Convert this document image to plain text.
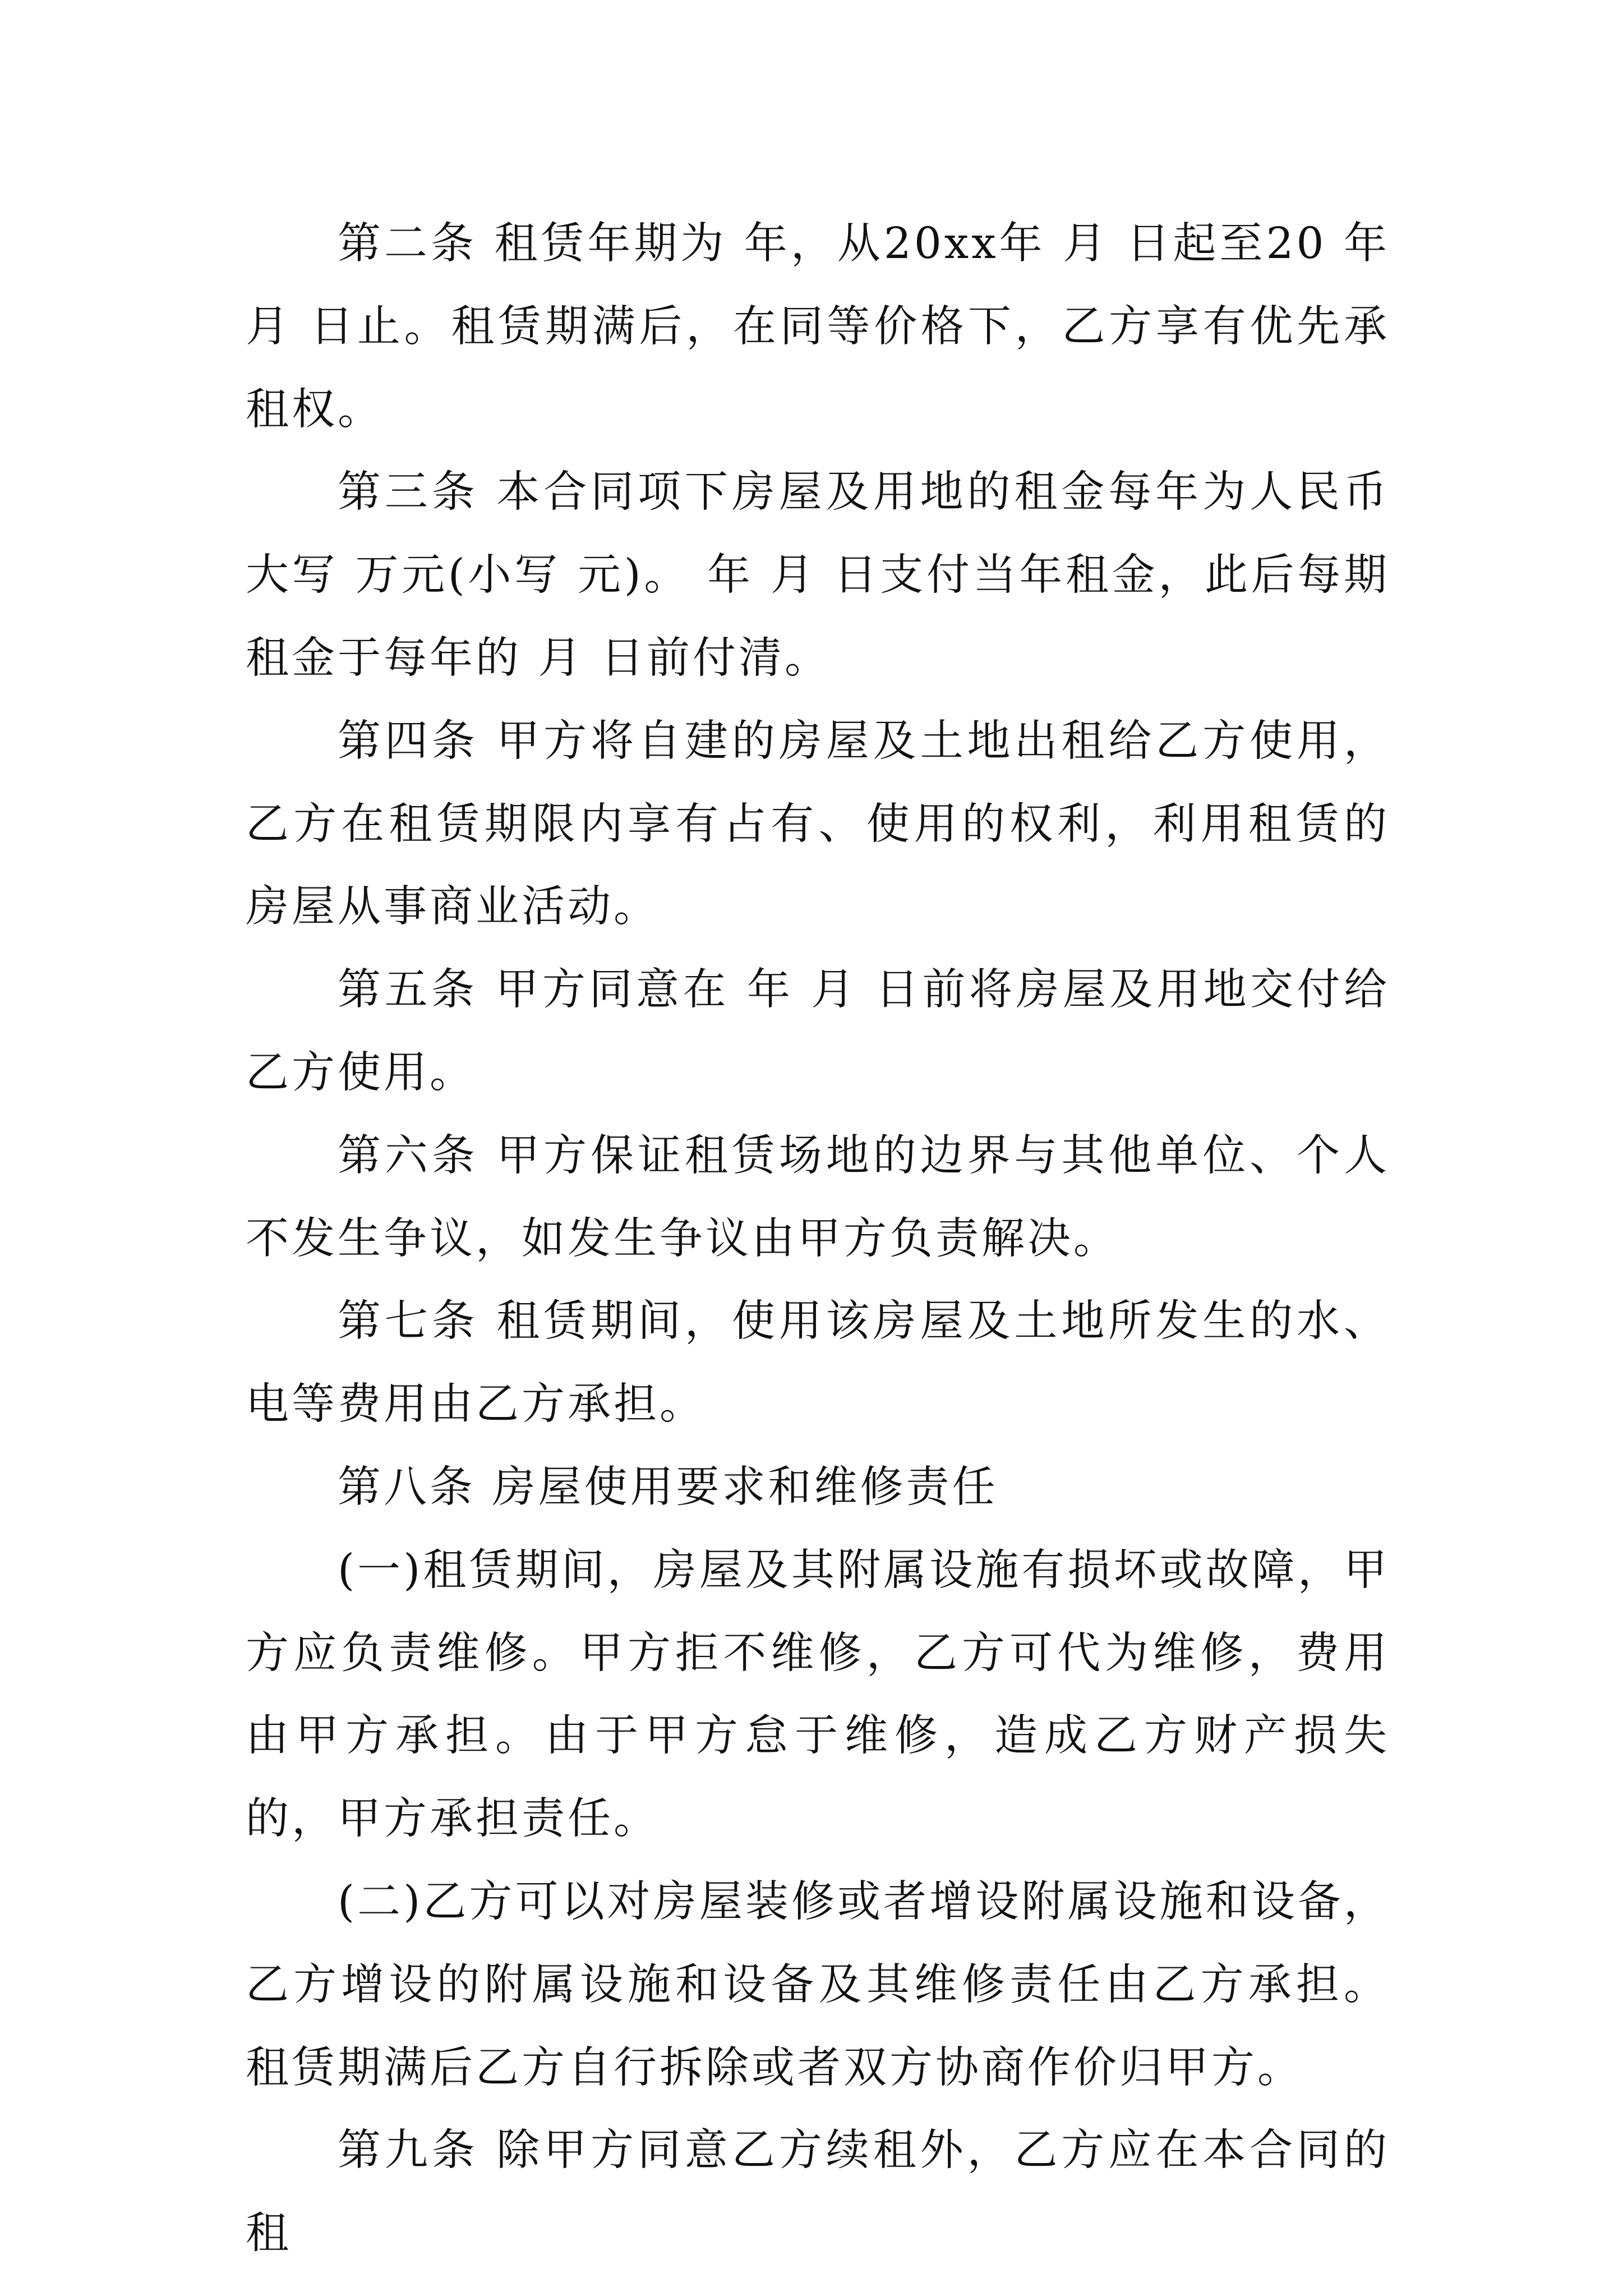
第二条 租赁年期为 年，从20xx年 月 日起至20 年 月 日止。租赁期满后，在同等价格下，乙方享有优先承租权。

第三条 本合同项下房屋及用地的租金每年为人民币大写 万元(小写 元)。 年 月 日支付当年租金，此后每期租金于每年的 月 日前付清。

第四条 甲方将自建的房屋及土地出租给乙方使用，乙方在租赁期限内享有占有、使用的权利，利用租赁的房屋从事商业活动。

第五条 甲方同意在 年 月 日前将房屋及用地交付给乙方使用。

第六条 甲方保证租赁场地的边界与其他单位、个人不发生争议，如发生争议由甲方负责解决。

第七条 租赁期间，使用该房屋及土地所发生的水、电等费用由乙方承担。

第八条 房屋使用要求和维修责任

(一)租赁期间，房屋及其附属设施有损坏或故障，甲方应负责维修。甲方拒不维修，乙方可代为维修，费用由甲方承担。由于甲方怠于维修，造成乙方财产损失的，甲方承担责任。

(二)乙方可以对房屋装修或者增设附属设施和设备，乙方增设的附属设施和设备及其维修责任由乙方承担。租赁期满后乙方自行拆除或者双方协商作价归甲方。

第九条 除甲方同意乙方续租外，乙方应在本合同的租
